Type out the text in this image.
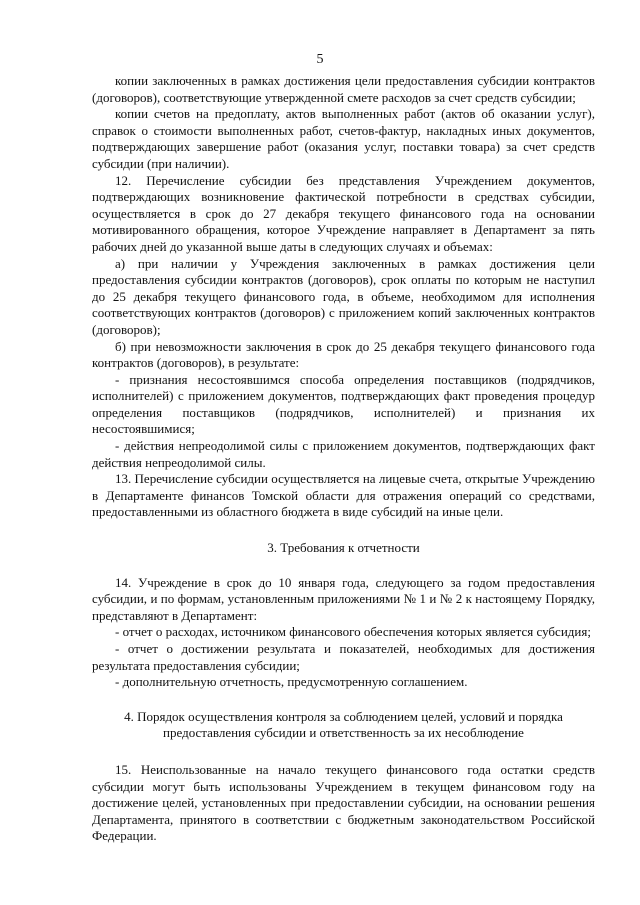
5

копии заключенных в рамках достижения цели предоставления субсидии контрактов (договоров), соответствующие утвержденной смете расходов за счет средств субсидии;

копии счетов на предоплату, актов выполненных работ (актов об оказании услуг), справок о стоимости выполненных работ, счетов-фактур, накладных иных документов, подтверждающих завершение работ (оказания услуг, поставки товара) за счет средств субсидии (при наличии).

12. Перечисление субсидии без представления Учреждением документов, подтверждающих возникновение фактической потребности в средствах субсидии, осуществляется в срок до 27 декабря текущего финансового года на основании мотивированного обращения, которое Учреждение направляет в Департамент за пять рабочих дней до указанной выше даты в следующих случаях и объемах:

а) при наличии у Учреждения заключенных в рамках достижения цели предоставления субсидии контрактов (договоров), срок оплаты по которым не наступил до 25 декабря текущего финансового года, в объеме, необходимом для исполнения соответствующих контрактов (договоров) с приложением копий заключенных контрактов (договоров);

б) при невозможности заключения в срок до 25 декабря текущего финансового года контрактов (договоров), в результате:

- признания несостоявшимся способа определения поставщиков (подрядчиков, исполнителей) с приложением документов, подтверждающих факт проведения процедур определения поставщиков (подрядчиков, исполнителей) и признания их несостоявшимися;

- действия непреодолимой силы с приложением документов, подтверждающих факт действия непреодолимой силы.

13. Перечисление субсидии осуществляется на лицевые счета, открытые Учреждению в Департаменте финансов Томской области для отражения операций со средствами, предоставленными из областного бюджета в виде субсидий на иные цели.

3. Требования к отчетности

14. Учреждение в срок до 10 января года, следующего за годом предоставления субсидии, и по формам, установленным приложениями № 1 и № 2 к настоящему Порядку, представляют в Департамент:

- отчет о расходах, источником финансового обеспечения которых является субсидия;

- отчет о достижении результата и показателей, необходимых для достижения результата предоставления субсидии;

- дополнительную отчетность, предусмотренную соглашением.

4. Порядок осуществления контроля за соблюдением целей, условий и порядка предоставления субсидии и ответственность за их несоблюдение

15. Неиспользованные на начало текущего финансового года остатки средств субсидии могут быть использованы Учреждением в текущем финансовом году на достижение целей, установленных при предоставлении субсидии, на основании решения Департамента, принятого в соответствии с бюджетным законодательством Российской Федерации.
